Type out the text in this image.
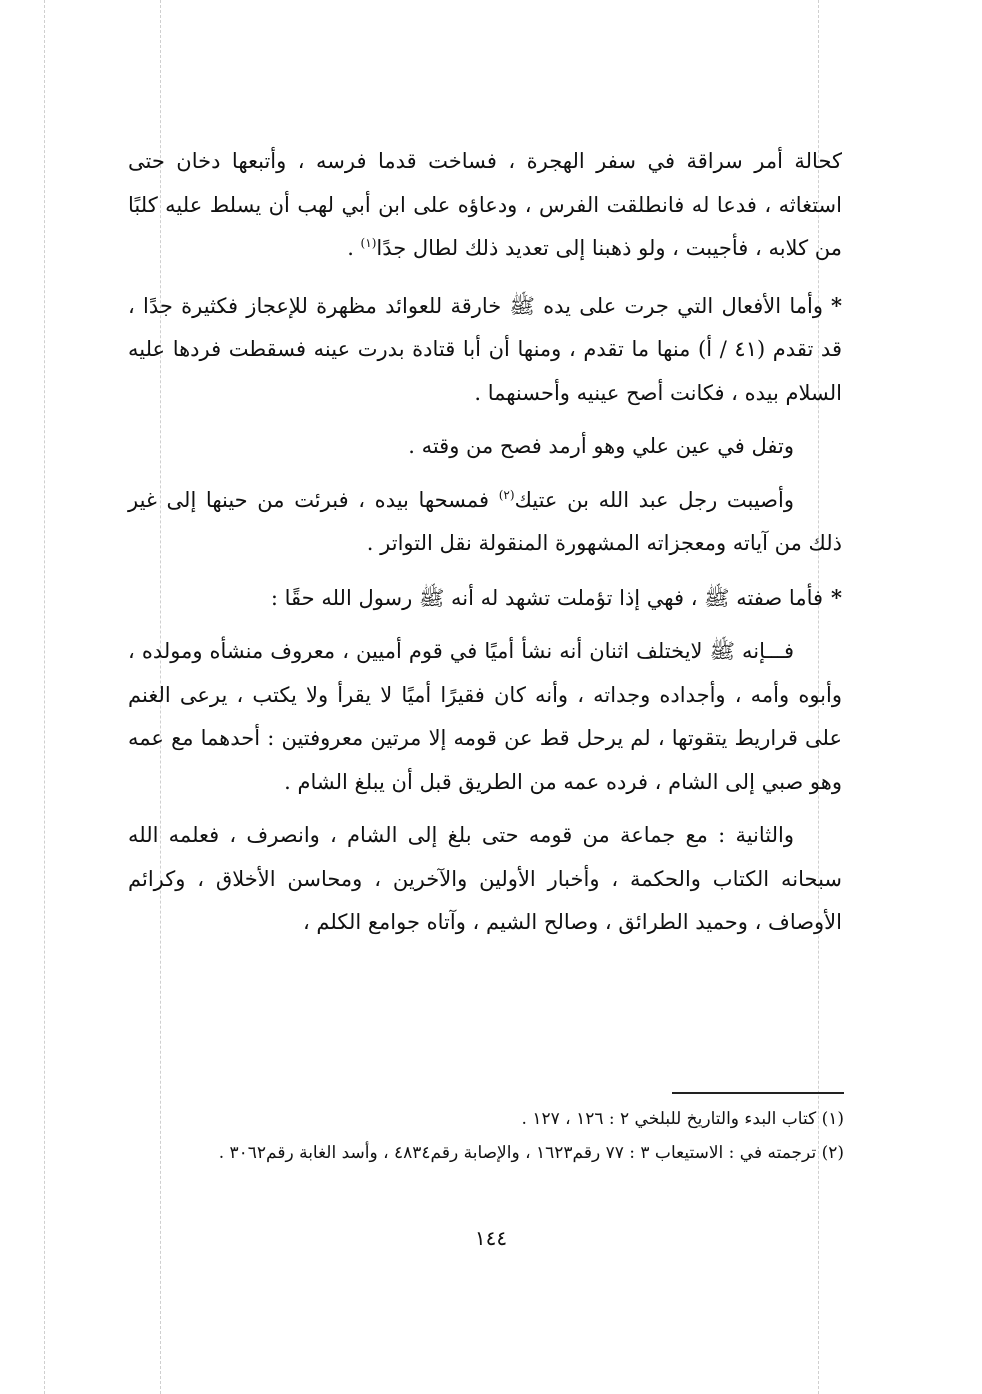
كحالة أمر سراقة في سفر الهجرة ، فساخت قدما فرسه ، وأتبعها دخان حتى استغاثه ، فدعا له فانطلقت الفرس ، ودعاؤه على ابن أبي لهب أن يسلط عليه كلبًا من كلابه ، فأجيبت ، ولو ذهبنا إلى تعديد ذلك لطال جدًا$^{(١)}$ .

*وأما الأفعال التي جرت على يده ﷺ خارقة للعوائد مظهرة للإعجاز فكثيرة جدًا ، قد تقدم (٤١ / أ) منها ما تقدم ، ومنها أن أبا قتادة بدرت عينه فسقطت فردها عليه السلام بيده ، فكانت أصح عينيه وأحسنهما .

وتفل في عين علي وهو أرمد فصح من وقته .

وأصيبت رجل عبد الله بن عتيك$^{(٢)}$ فمسحها بيده ، فبرئت من حينها إلى غير ذلك من آياته ومعجزاته المشهورة المنقولة نقل التواتر .

*فأما صفته ﷺ ، فهي إذا تؤملت تشهد له أنه ﷺ رسول الله حقًا :

فـــإنه ﷺ لايختلف اثنان أنه نشأ أميًا في قوم أميين ، معروف منشأه ومولده ، وأبوه وأمه ، وأجداده وجداته ، وأنه كان فقيرًا أميًا لا يقرأ ولا يكتب ، يرعى الغنم على قراريط يتقوتها ، لم يرحل قط عن قومه إلا مرتين معروفتين : أحدهما مع عمه وهو صبي إلى الشام ، فرده عمه من الطريق قبل أن يبلغ الشام .

والثانية : مع جماعة من قومه حتى بلغ إلى الشام ، وانصرف ، فعلمه الله سبحانه الكتاب والحكمة ، وأخبار الأولين والآخرين ، ومحاسن الأخلاق ، وكرائم الأوصاف ، وحميد الطرائق ، وصالح الشيم ، وآتاه جوامع الكلم ،

(١) كتاب البدء والتاريخ للبلخي ٢ : ١٢٦ ، ١٢٧ .
(٢) ترجمته في : الاستيعاب ٣ : ٧٧ رقم١٦٢٣ ، والإصابة رقم٤٨٣٤ ، وأسد الغابة رقم٣٠٦٢ .
١٤٤
